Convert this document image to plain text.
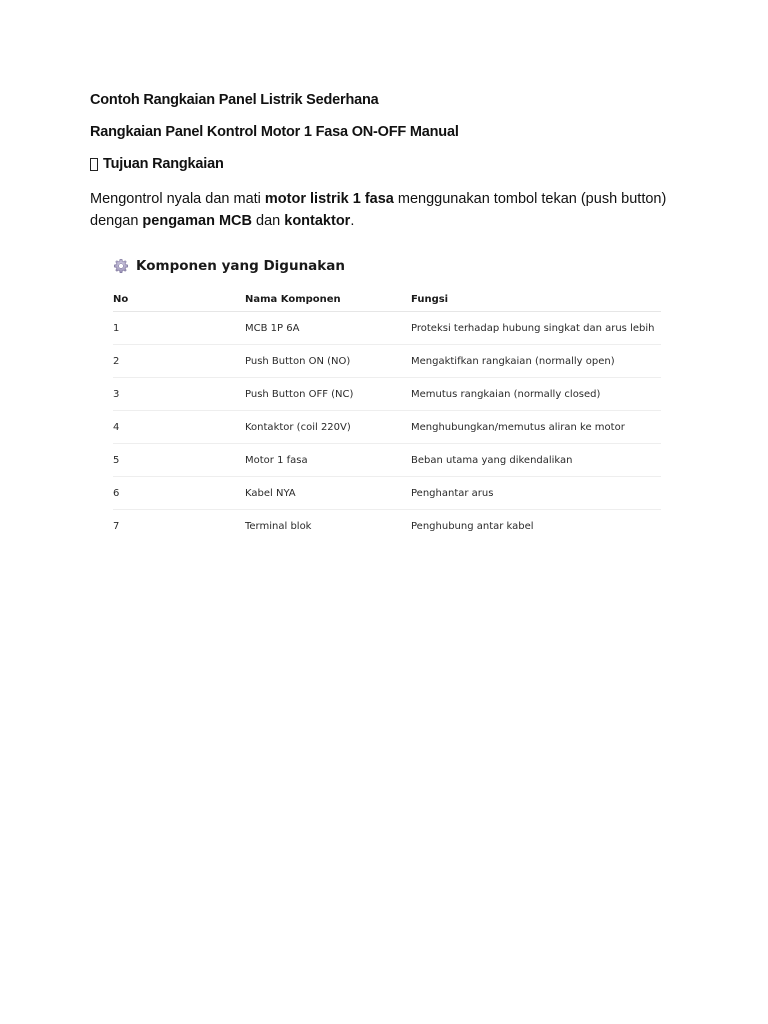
Contoh Rangkaian Panel Listrik Sederhana
Rangkaian Panel Kontrol Motor 1 Fasa ON-OFF Manual
Tujuan Rangkaian
Mengontrol nyala dan mati motor listrik 1 fasa menggunakan tombol tekan (push button) dengan pengaman MCB dan kontaktor.
Komponen yang Digunakan
No	Nama Komponen	Fungsi
1	MCB 1P 6A	Proteksi terhadap hubung singkat dan arus lebih
2	Push Button ON (NO)	Mengaktifkan rangkaian (normally open)
3	Push Button OFF (NC)	Memutus rangkaian (normally closed)
4	Kontaktor (coil 220V)	Menghubungkan/memutus aliran ke motor
5	Motor 1 fasa	Beban utama yang dikendalikan
6	Kabel NYA	Penghantar arus
7	Terminal blok	Penghubung antar kabel
